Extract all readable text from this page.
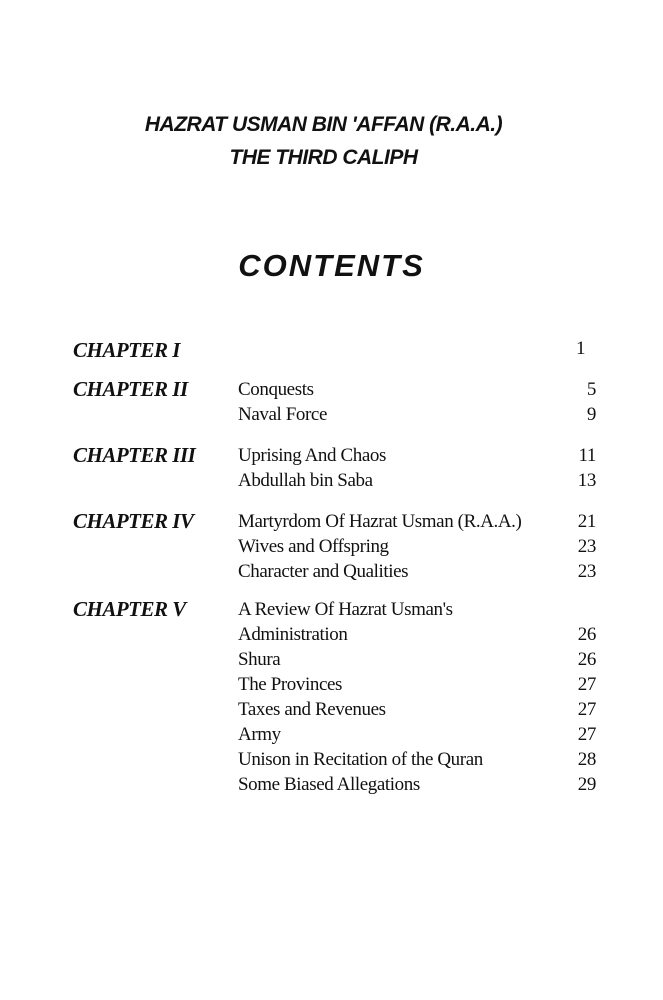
HAZRAT USMAN BIN 'AFFAN (R.A.A.)
THE THIRD CALIPH
CONTENTS
CHAPTER I	1
CHAPTER II	Conquests	5
Naval Force	9
CHAPTER III Uprising And Chaos	11
Abdullah bin Saba	13
CHAPTER IV Martyrdom Of Hazrat Usman (R.A.A.)	21
Wives and Offspring	23
Character and Qualities	23
CHAPTER V	A Review Of Hazrat Usman's
Administration	26
Shura	26
The Provinces	27
Taxes and Revenues	27
Army	27
Unison in Recitation of the Quran	28
Some Biased Allegations	29
